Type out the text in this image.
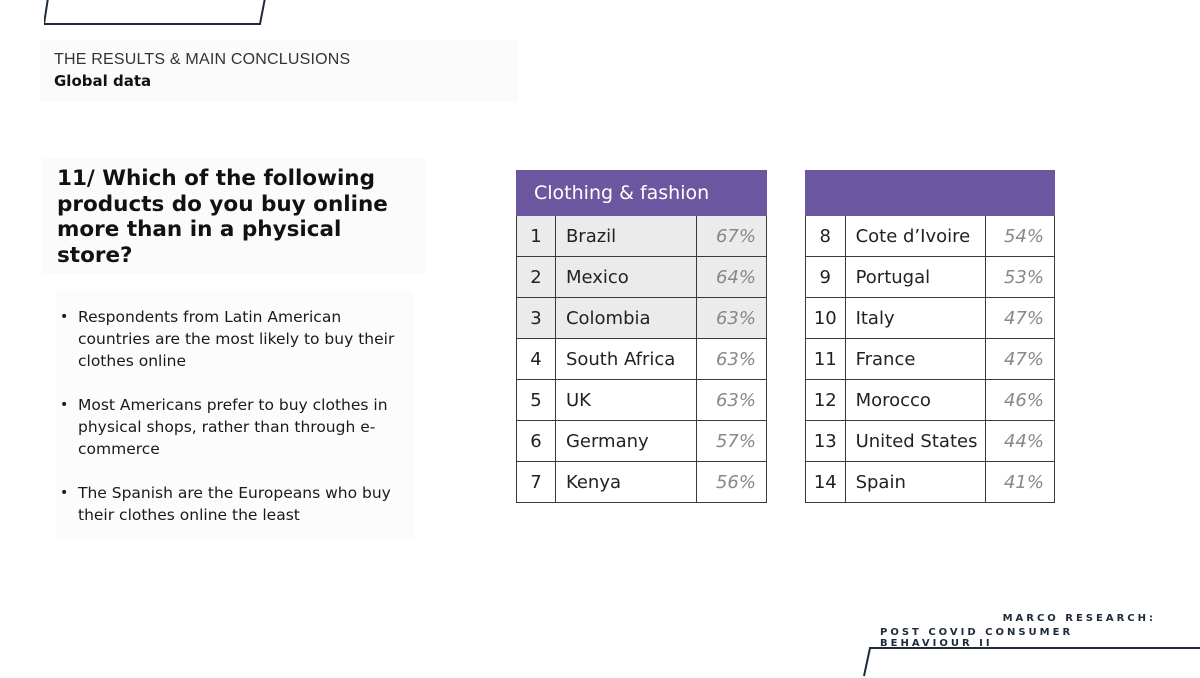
THE RESULTS & MAIN CONCLUSIONS
Global data
11/ Which of the following products do you buy online more than in a physical store?
• Respondents from Latin American countries are the most likely to buy their clothes online
• Most Americans prefer to buy clothes in physical shops, rather than through e-commerce
• The Spanish are the Europeans who buy their clothes online the least
Clothing & fashion		
1	Brazil	67%
2	Mexico	64%
3	Colombia	63%
4	South Africa	63%
5	UK	63%
6	Germany	57%
7	Kenya	56%

8	Cote d’Ivoire	54%
9	Portugal	53%
10	Italy	47%
11	France	47%
12	Morocco	46%
13	United States	44%
14	Spain	41%
MARCO RESEARCH:
POST COVID CONSUMER BEHAVIOUR II
